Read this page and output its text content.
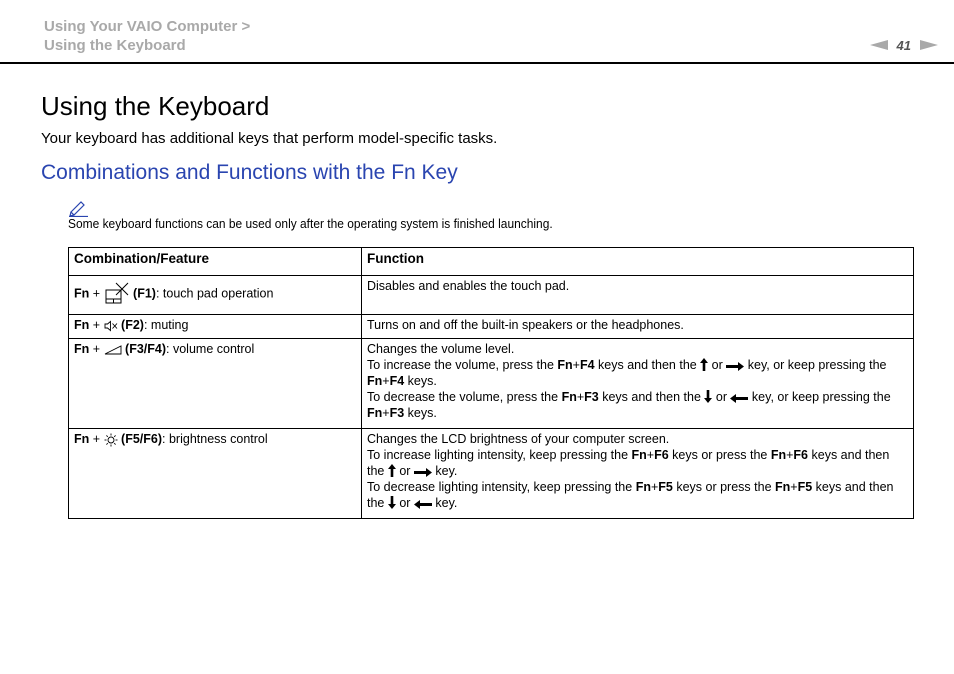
Using Your VAIO Computer >
Using the Keyboard	41
Using the Keyboard
Your keyboard has additional keys that perform model-specific tasks.
Combinations and Functions with the Fn Key
Some keyboard functions can be used only after the operating system is finished launching.
Combination/Feature	Function
Fn + (F1): touch pad operation	Disables and enables the touch pad.
Fn + (F2): muting	Turns on and off the built-in speakers or the headphones.
Fn + (F3/F4): volume control	Changes the volume level.
To increase the volume, press the Fn+F4 keys and then the  or  key, or keep pressing the
Fn+F4 keys.
To decrease the volume, press the Fn+F3 keys and then the  or  key, or keep pressing the
Fn+F3 keys.

Fn + (F5/F6): brightness control	Changes the LCD brightness of your computer screen.
To increase lighting intensity, keep pressing the Fn+F6 keys or press the Fn+F6 keys and then
the  or  key.
To decrease lighting intensity, keep pressing the Fn+F5 keys or press the Fn+F5 keys and then
the  or  key.
